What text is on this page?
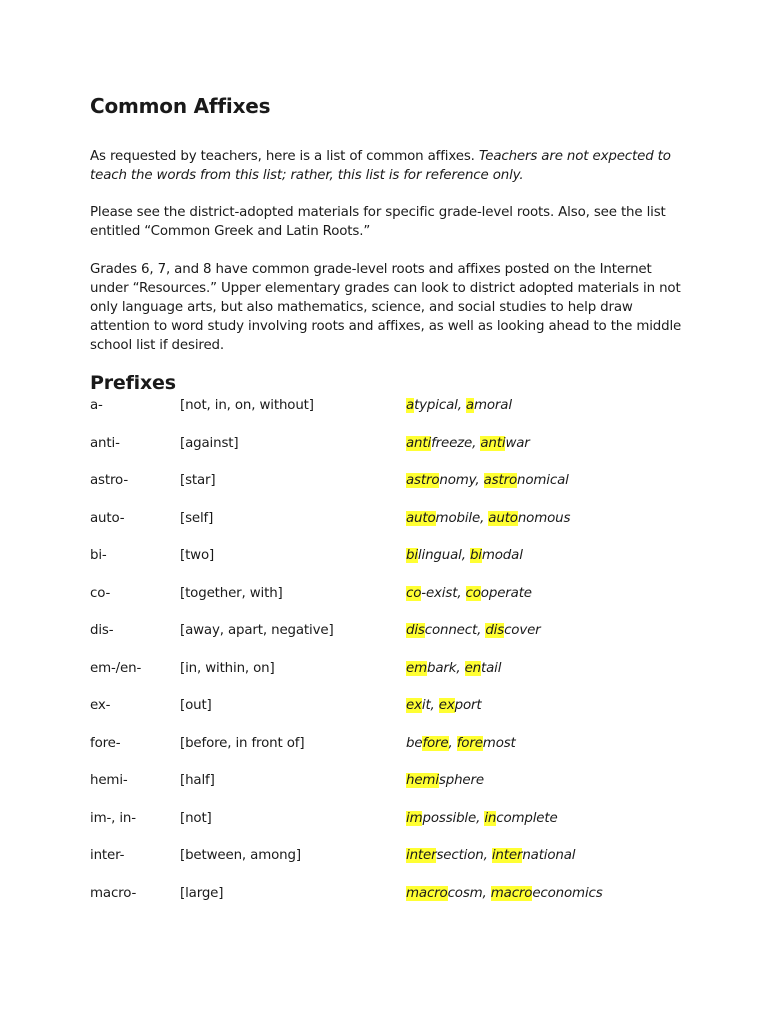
Common Affixes

As requested by teachers, here is a list of common affixes. Teachers are not expected to teach the words from this list; rather, this list is for reference only.

Please see the district-adopted materials for specific grade-level roots. Also, see the list entitled “Common Greek and Latin Roots.”

Grades 6, 7, and 8 have common grade-level roots and affixes posted on the Internet under “Resources.” Upper elementary grades can look to district adopted materials in not only language arts, but also mathematics, science, and social studies to help draw attention to word study involving roots and affixes, as well as looking ahead to the middle school list if desired.

Prefixes
a-	[not, in, on, without]	atypical, amoral
anti-	[against]	antifreeze, antiwar
astro-	[star]	astronomy, astronomical
auto-	[self]	automobile, autonomous
bi-	[two]	bilingual, bimodal
co-	[together, with]	co-exist, cooperate
dis-	[away, apart, negative]	disconnect, discover
em-/en-	[in, within, on]	embark, entail
ex-	[out]	exit, export
fore-	[before, in front of]	before, foremost
hemi-	[half]	hemisphere
im-, in-	[not]	impossible, incomplete
inter-	[between, among]	intersection, international
macro-	[large]	macrocosm, macroeconomics
